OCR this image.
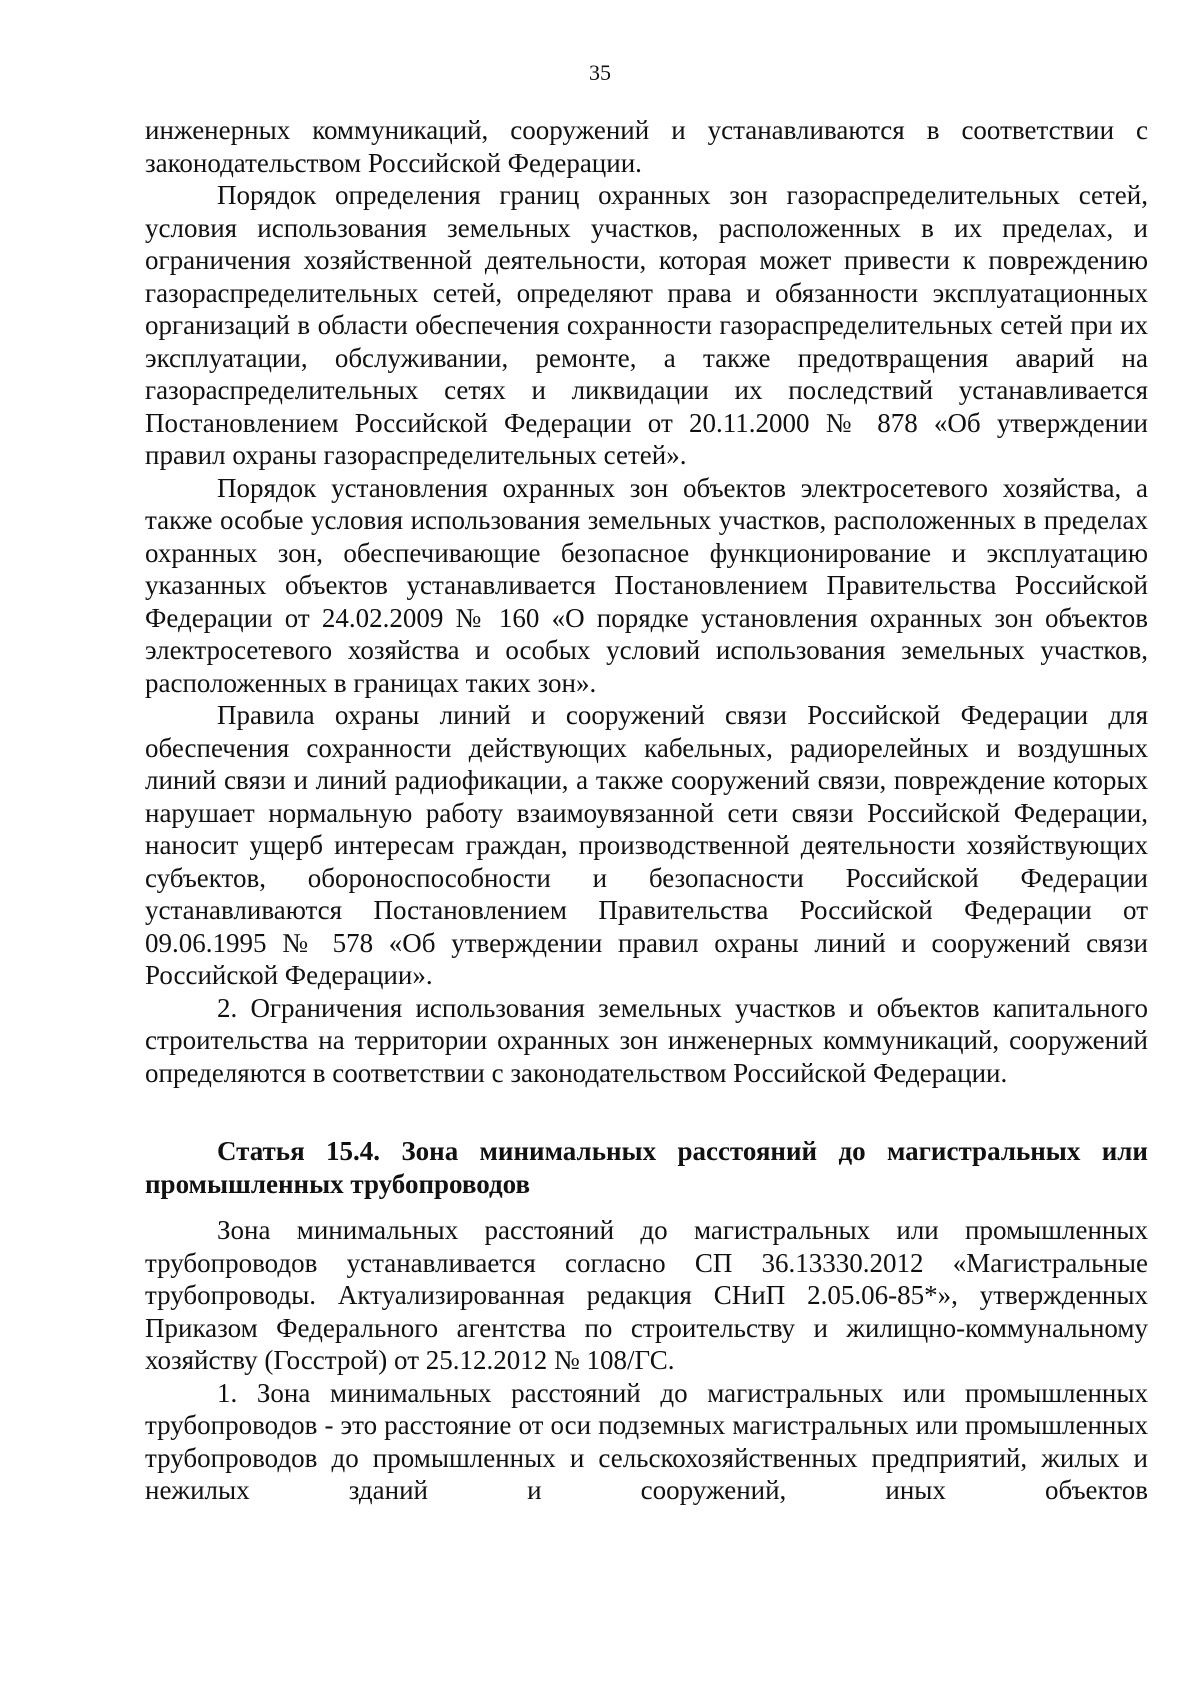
35

инженерных коммуникаций, сооружений и устанавливаются в соответствии с законодательством Российской Федерации.

Порядок определения границ охранных зон газораспределительных сетей, условия использования земельных участков, расположенных в их пределах, и ограничения хозяйственной деятельности, которая может привести к повреждению газораспределительных сетей, определяют права и обязанности эксплуатационных организаций в области обеспечения сохранности газораспределительных сетей при их эксплуатации, обслуживании, ремонте, а также предотвращения аварий на газораспределительных сетях и ликвидации их последствий устанавливается Постановлением Российской Федерации от 20.11.2000 № 878 «Об утверждении правил охраны газораспределительных сетей».

Порядок установления охранных зон объектов электросетевого хозяйства, а также особые условия использования земельных участков, расположенных в пределах охранных зон, обеспечивающие безопасное функционирование и эксплуатацию указанных объектов устанавливается Постановлением Правительства Российской Федерации от 24.02.2009 № 160 «О порядке установления охранных зон объектов электросетевого хозяйства и особых условий использования земельных участков, расположенных в границах таких зон».

Правила охраны линий и сооружений связи Российской Федерации для обеспечения сохранности действующих кабельных, радиорелейных и воздушных линий связи и линий радиофикации, а также сооружений связи, повреждение которых нарушает нормальную работу взаимоувязанной сети связи Российской Федерации, наносит ущерб интересам граждан, производственной деятельности хозяйствующих субъектов, обороноспособности и безопасности Российской Федерации устанавливаются Постановлением Правительства Российской Федерации от 09.06.1995 № 578 «Об утверждении правил охраны линий и сооружений связи Российской Федерации».

2. Ограничения использования земельных участков и объектов капитального строительства на территории охранных зон инженерных коммуникаций, сооружений определяются в соответствии с законодательством Российской Федерации.

Статья 15.4. Зона минимальных расстояний до магистральных или промышленных трубопроводов

Зона минимальных расстояний до магистральных или промышленных трубопроводов устанавливается согласно СП 36.13330.2012 «Магистральные трубопроводы. Актуализированная редакция СНиП 2.05.06-85*», утвержденных Приказом Федерального агентства по строительству и жилищно-коммунальному хозяйству (Госстрой) от 25.12.2012 № 108/ГС.

1. Зона минимальных расстояний до магистральных или промышленных трубопроводов - это расстояние от оси подземных магистральных или промышленных трубопроводов до промышленных и сельскохозяйственных предприятий, жилых и нежилых зданий и сооружений, иных объектов
